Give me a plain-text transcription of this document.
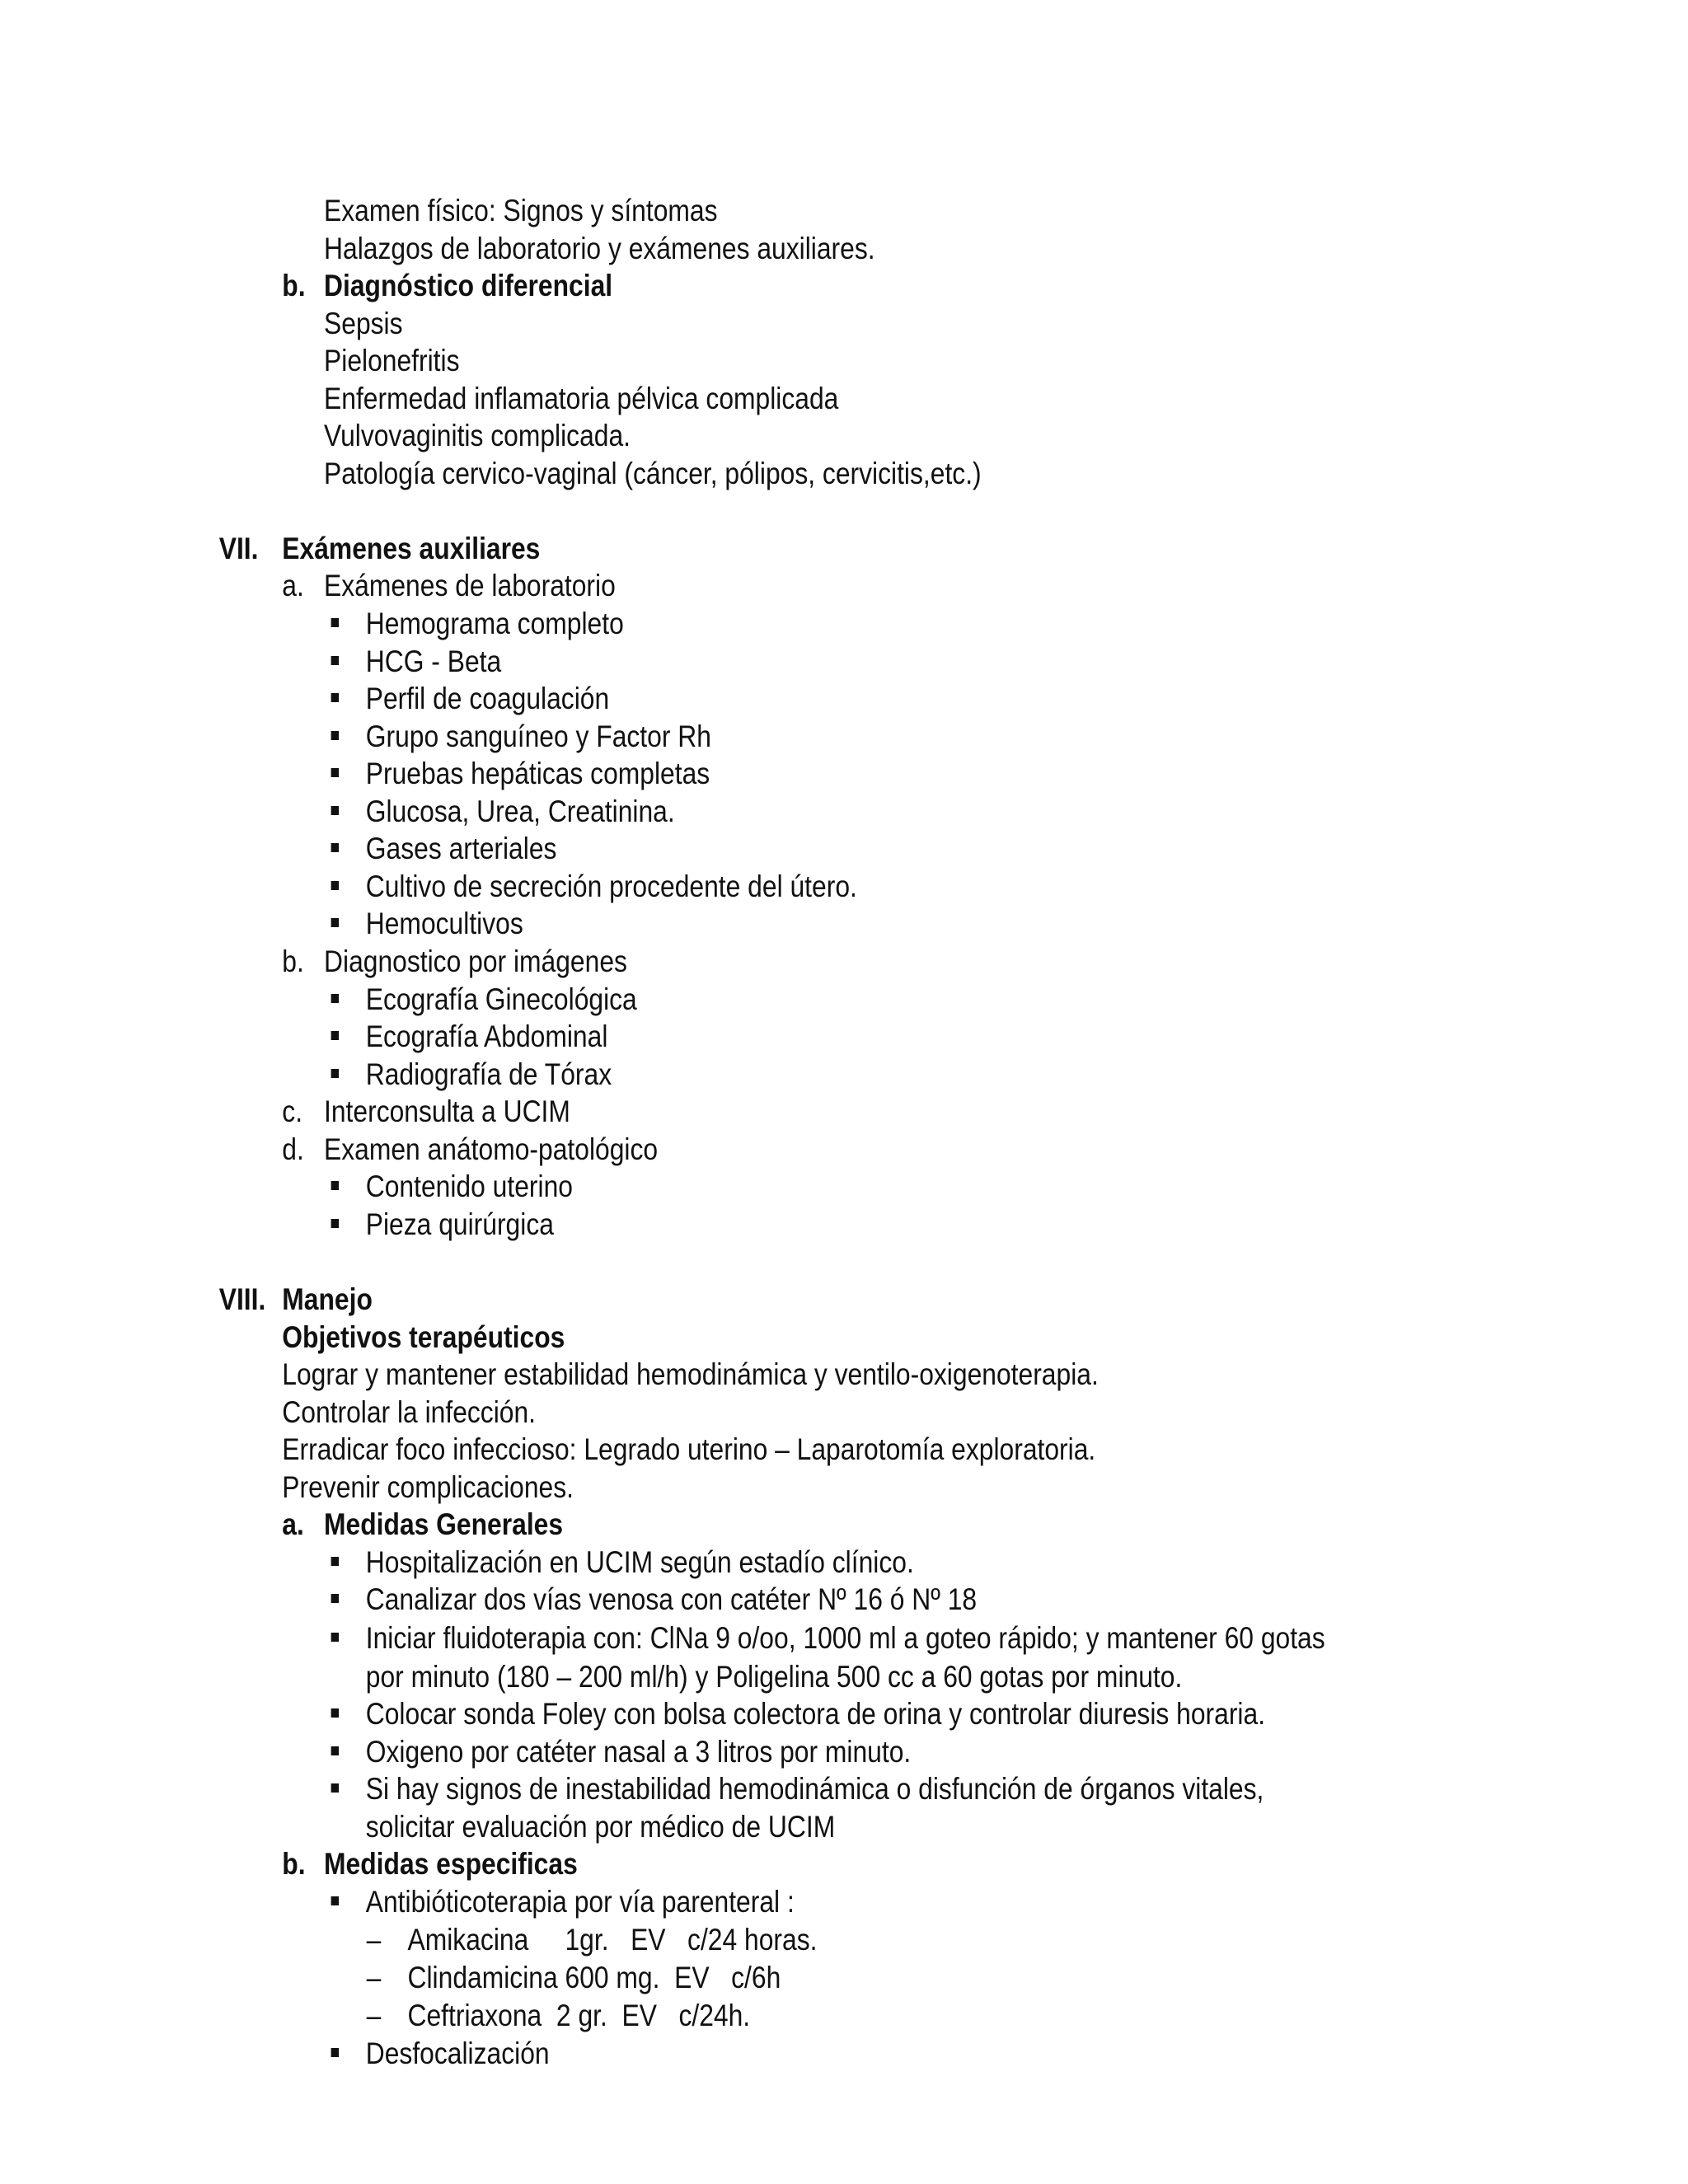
Examen físico: Signos y síntomas
Halazgos de laboratorio y exámenes auxiliares.
b. Diagnóstico diferencial
Sepsis
Pielonefritis
Enfermedad inflamatoria pélvica complicada
Vulvovaginitis complicada.
Patología cervico-vaginal (cáncer, pólipos, cervicitis,etc.)
VII. Exámenes auxiliares
a. Exámenes de laboratorio
Hemograma completo
HCG - Beta
Perfil de coagulación
Grupo sanguíneo y Factor Rh
Pruebas hepáticas completas
Glucosa, Urea, Creatinina.
Gases arteriales
Cultivo de secreción procedente del útero.
Hemocultivos
b. Diagnostico por imágenes
Ecografía Ginecológica
Ecografía Abdominal
Radiografía de Tórax
c. Interconsulta a UCIM
d. Examen anátomo-patológico
Contenido uterino
Pieza quirúrgica
VIII. Manejo
Objetivos terapéuticos
Lograr y mantener estabilidad hemodinámica y ventilo-oxigenoterapia.
Controlar la infección.
Erradicar foco infeccioso: Legrado uterino – Laparotomía exploratoria.
Prevenir complicaciones.
a. Medidas Generales
Hospitalización en UCIM según estadío clínico.
Canalizar dos vías venosa con catéter Nº 16 ó Nº 18
Iniciar fluidoterapia con: ClNa 9 o/oo, 1000 ml a goteo rápido; y mantener 60 gotas
por minuto (180 – 200 ml/h) y Poligelina 500 cc a 60 gotas por minuto.
Colocar sonda Foley con bolsa colectora de orina y controlar diuresis horaria.
Oxigeno por catéter nasal a 3 litros por minuto.
Si hay signos de inestabilidad hemodinámica o disfunción de órganos vitales,
solicitar evaluación por médico de UCIM
b. Medidas especificas
Antibióticoterapia por vía parenteral :
– Amikacina     1gr.   EV   c/24 horas.
– Clindamicina 600 mg.  EV   c/6h
– Ceftriaxona  2 gr.  EV   c/24h.
Desfocalización
